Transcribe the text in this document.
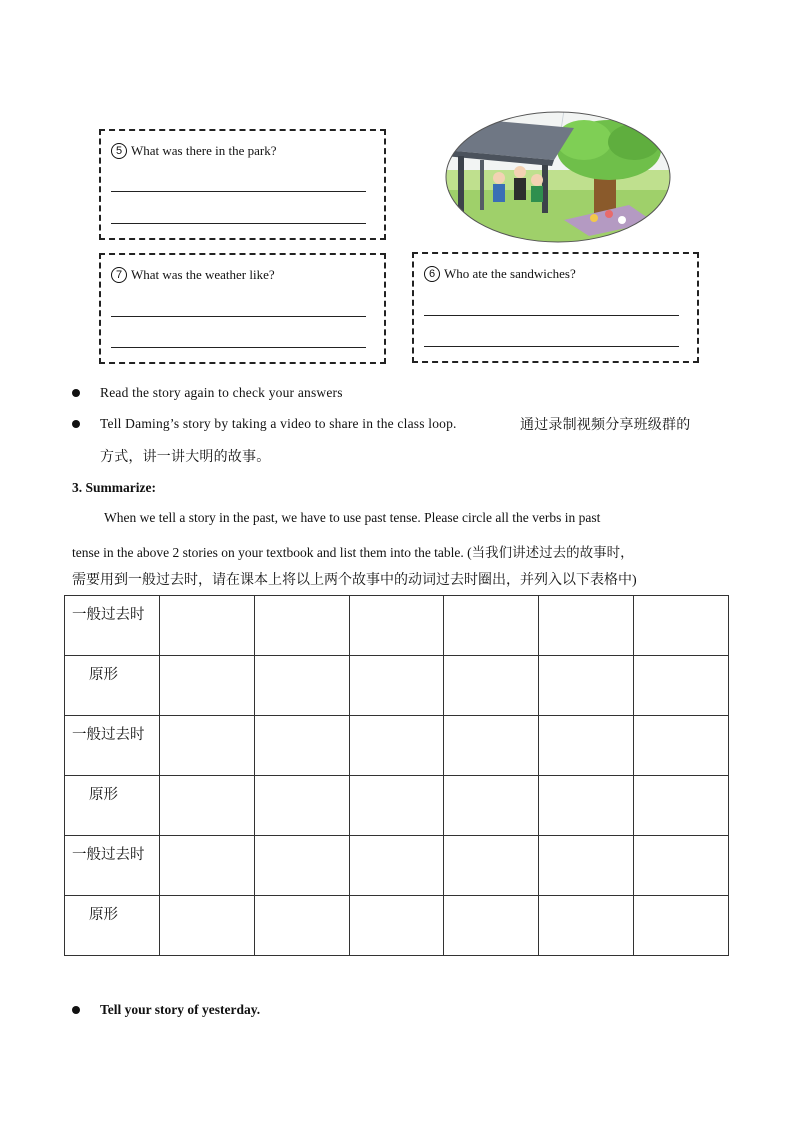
5 What was there in the park?
7 What was the weather like?	6 Who ate the sandwiches?
Read the story again to check your answers
Tell Daming’s story by taking a video to share in the class loop.	通过录制视频分享班级群的
方式，讲一讲大明的故事。
3. Summarize:
When we tell a story in the past, we have to use past tense. Please circle all the verbs in past
tense in the above 2 stories on your textbook and list them into the table. (当我们讲述过去的故事时，
需要用到一般过去时，请在课本上将以上两个故事中的动词过去时圈出，并列入以下表格中)
一般过去时						

原形						

一般过去时						

原形						

一般过去时						

原形						

Tell your story of yesterday.
